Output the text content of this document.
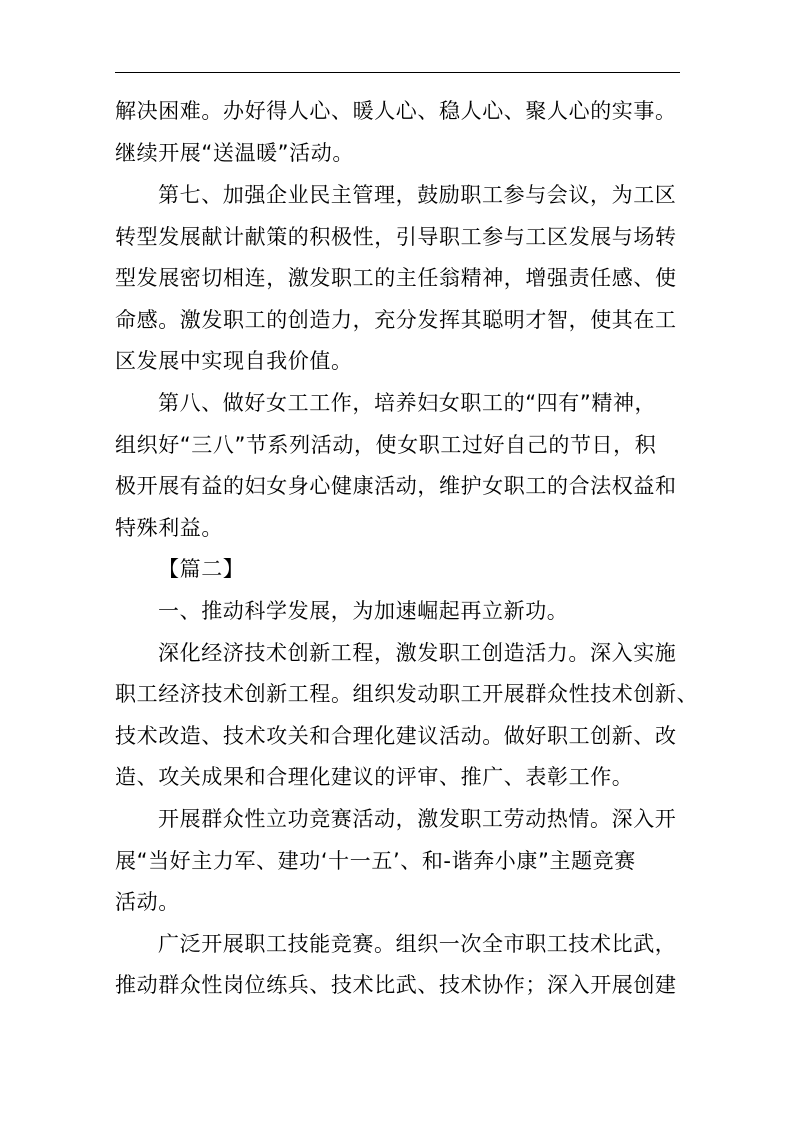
解决困难。办好得人心、暖人心、稳人心、聚人心的实事。
继续开展“送温暖”活动。
第七、加强企业民主管理，鼓励职工参与会议，为工区
转型发展献计献策的积极性，引导职工参与工区发展与场转
型发展密切相连，激发职工的主任翁精神，增强责任感、使
命感。激发职工的创造力，充分发挥其聪明才智，使其在工
区发展中实现自我价值。
第八、做好女工工作，培养妇女职工的“四有”精神，
组织好“三八”节系列活动，使女职工过好自己的节日，积
极开展有益的妇女身心健康活动，维护女职工的合法权益和
特殊利益。
【篇二】
一、推动科学发展，为加速崛起再立新功。
深化经济技术创新工程，激发职工创造活力。深入实施
职工经济技术创新工程。组织发动职工开展群众性技术创新、
技术改造、技术攻关和合理化建议活动。做好职工创新、改
造、攻关成果和合理化建议的评审、推广、表彰工作。
开展群众性立功竞赛活动，激发职工劳动热情。深入开
展“当好主力军、建功‘十一五’、和-谐奔小康”主题竞赛
活动。
广泛开展职工技能竞赛。组织一次全市职工技术比武，
推动群众性岗位练兵、技术比武、技术协作；深入开展创建
